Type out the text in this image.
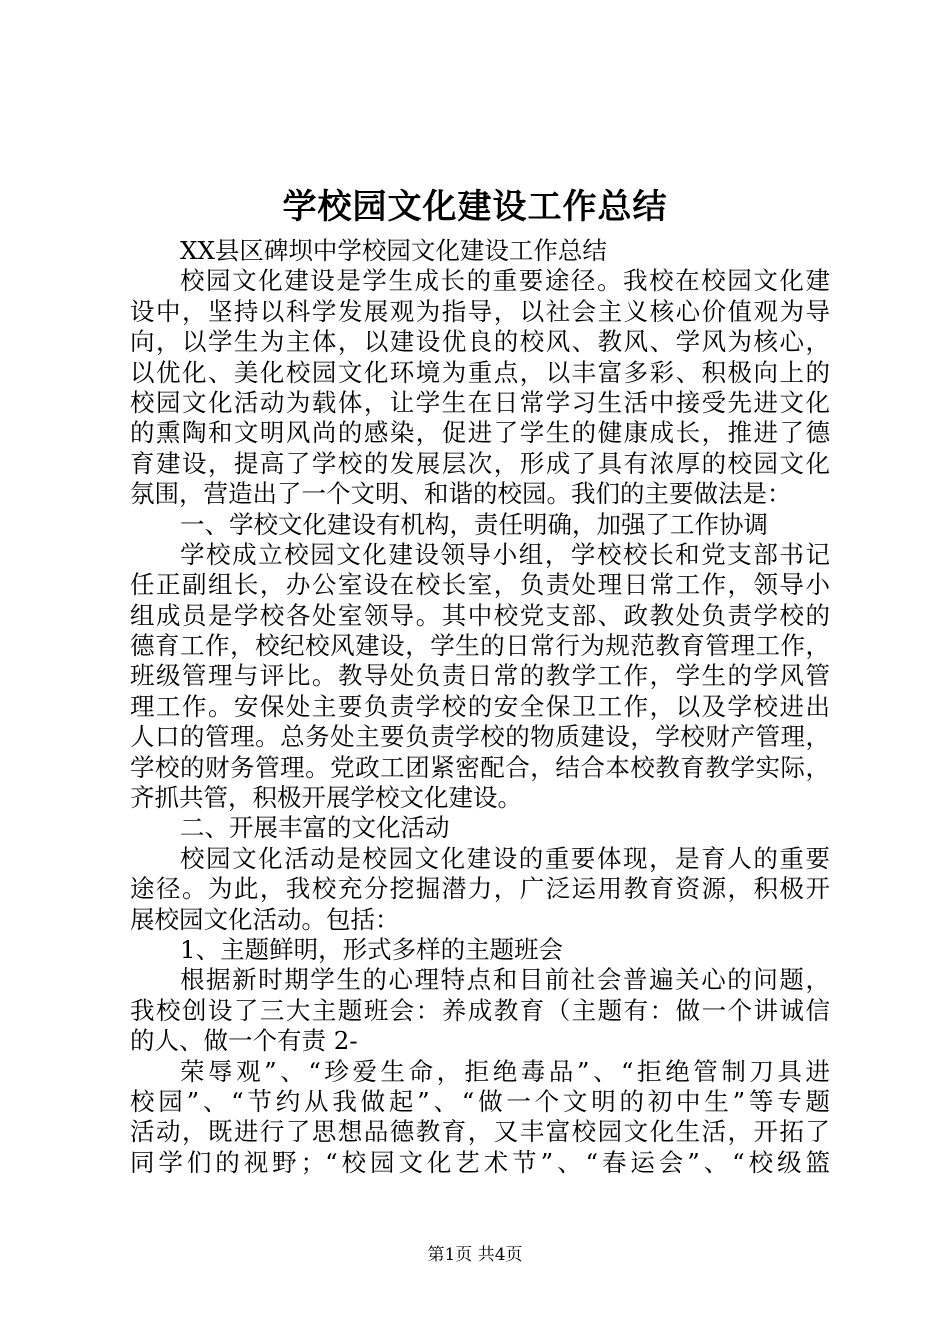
学校园文化建设工作总结
XX县区碑坝中学校园文化建设工作总结
校园文化建设是学生成长的重要途径。我校在校园文化建
设中，坚持以科学发展观为指导，以社会主义核心价值观为导
向，以学生为主体，以建设优良的校风、教风、学风为核心，
以优化、美化校园文化环境为重点，以丰富多彩、积极向上的
校园文化活动为载体，让学生在日常学习生活中接受先进文化
的熏陶和文明风尚的感染，促进了学生的健康成长，推进了德
育建设，提高了学校的发展层次，形成了具有浓厚的校园文化
氛围，营造出了一个文明、和谐的校园。我们的主要做法是：
一、学校文化建设有机构，责任明确，加强了工作协调
学校成立校园文化建设领导小组，学校校长和党支部书记
任正副组长，办公室设在校长室，负责处理日常工作，领导小
组成员是学校各处室领导。其中校党支部、政教处负责学校的
德育工作，校纪校风建设，学生的日常行为规范教育管理工作，
班级管理与评比。教导处负责日常的教学工作，学生的学风管
理工作。安保处主要负责学校的安全保卫工作，以及学校进出
人口的管理。总务处主要负责学校的物质建设，学校财产管理，
学校的财务管理。党政工团紧密配合，结合本校教育教学实际，
齐抓共管，积极开展学校文化建设。
二、开展丰富的文化活动
校园文化活动是校园文化建设的重要体现，是育人的重要
途径。为此，我校充分挖掘潜力，广泛运用教育资源，积极开
展校园文化活动。包括：
1、主题鲜明，形式多样的主题班会
根据新时期学生的心理特点和目前社会普遍关心的问题，
我校创设了三大主题班会：养成教育（主题有：做一个讲诚信
的人、做一个有责 2-
荣辱观”、“珍爱生命，拒绝毒品”、“拒绝管制刀具进
校园”、“节约从我做起”、“做一个文明的初中生”等专题
活动，既进行了思想品德教育，又丰富校园文化生活，开拓了
同学们的视野；“校园文化艺术节”、“春运会”、“校级篮
第1页 共4页
